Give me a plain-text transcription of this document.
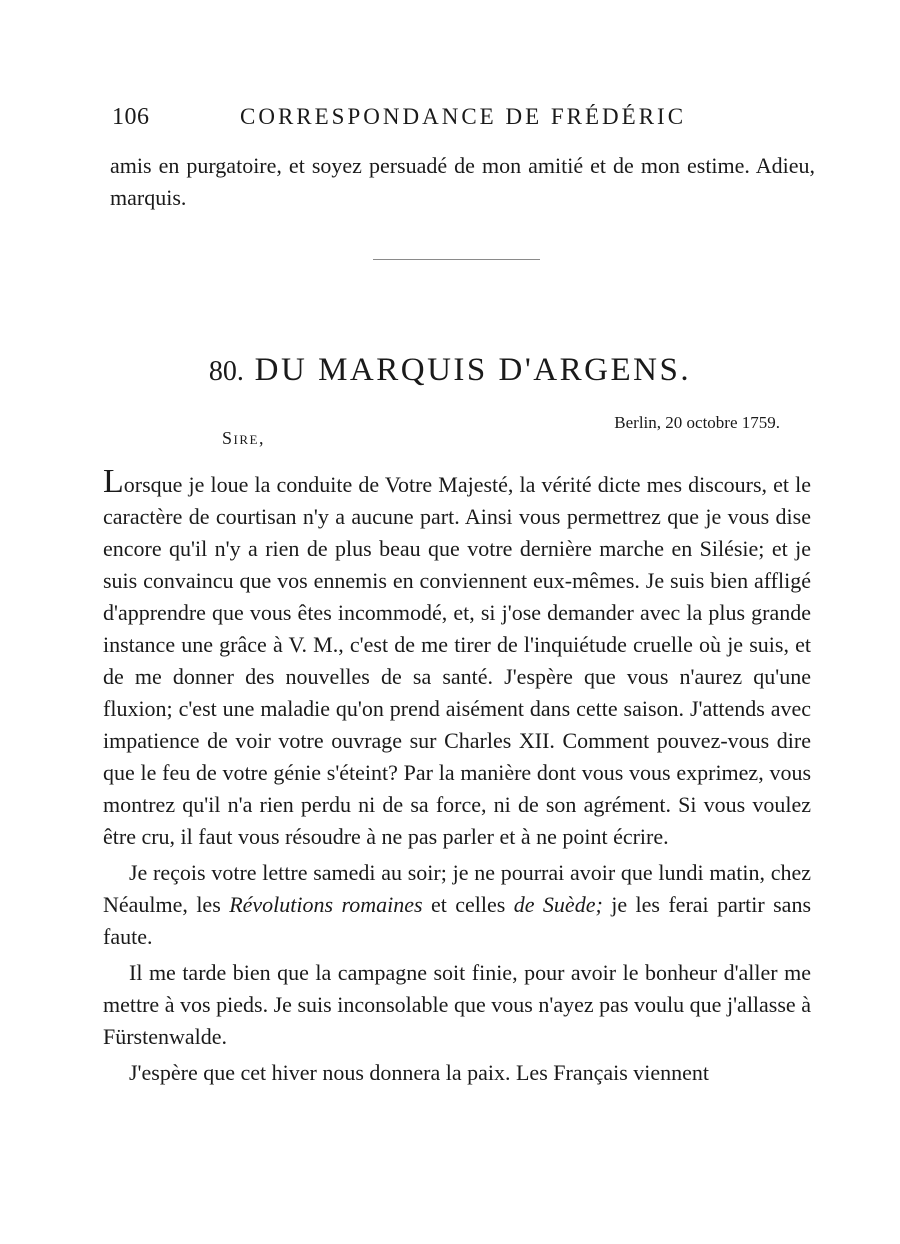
106	CORRESPONDANCE DE FRÉDÉRIC

amis en purgatoire, et soyez persuadé de mon amitié et de mon estime. Adieu, marquis.

80. DU MARQUIS D'ARGENS.
Berlin, 20 octobre 1759.
Sire,

Lorsque je loue la conduite de Votre Majesté, la vérité dicte mes discours, et le caractère de courtisan n'y a aucune part. Ainsi vous permettrez que je vous dise encore qu'il n'y a rien de plus beau que votre dernière marche en Silésie; et je suis convaincu que vos ennemis en conviennent eux-mêmes. Je suis bien affligé d'apprendre que vous êtes incommodé, et, si j'ose demander avec la plus grande instance une grâce à V. M., c'est de me tirer de l'inquiétude cruelle où je suis, et de me donner des nouvelles de sa santé. J'espère que vous n'aurez qu'une fluxion; c'est une maladie qu'on prend aisément dans cette saison. J'attends avec impatience de voir votre ouvrage sur Charles XII. Comment pouvez-vous dire que le feu de votre génie s'éteint? Par la manière dont vous vous exprimez, vous montrez qu'il n'a rien perdu ni de sa force, ni de son agrément. Si vous voulez être cru, il faut vous résoudre à ne pas parler et à ne point écrire.

Je reçois votre lettre samedi au soir; je ne pourrai avoir que lundi matin, chez Néaulme, les Révolutions romaines et celles de Suède; je les ferai partir sans faute.

Il me tarde bien que la campagne soit finie, pour avoir le bonheur d'aller me mettre à vos pieds. Je suis inconsolable que vous n'ayez pas voulu que j'allasse à Fürstenwalde.

J'espère que cet hiver nous donnera la paix. Les Français viennent
